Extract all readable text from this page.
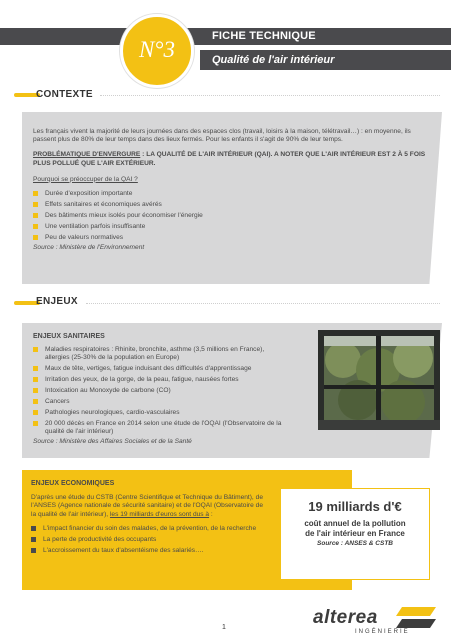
N°3
FICHE TECHNIQUE
Qualité de l'air intérieur
CONTEXTE
Les français vivent la majorité de leurs journées dans des espaces clos (travail, loisirs à la maison, télétravail…) : en moyenne, ils passent plus de 80% de leur temps dans des lieux fermés. Pour les enfants il s'agit de 90% de leur temps.
PROBLÉMATIQUE D'ENVERGURE : LA QUALITÉ DE L'AIR INTÉRIEUR (QAI). A NOTER QUE L'AIR INTÉRIEUR EST 2 À 5 FOIS PLUS POLLUÉ QUE L'AIR EXTÉRIEUR.
Pourquoi se préoccuper de la QAI ?
Durée d'exposition importante
Effets sanitaires et économiques avérés
Des bâtiments mieux isolés pour économiser l'énergie
Une ventilation parfois insuffisante
Peu de valeurs normatives
Source : Ministère de l'Environnement
ENJEUX
ENJEUX SANITAIRES
Maladies respiratoires : Rhinite, bronchite, asthme (3,5 millions en France), allergies (25-30% de la population en Europe)
Maux de tête, vertiges, fatigue induisant des difficultés d'apprentissage
Irritation des yeux, de la gorge, de la peau, fatigue, nausées fortes
Intoxication au Monoxyde de carbone (CO)
Cancers
Pathologies neurologiques, cardio-vasculaires
20 000 décès en France en 2014 selon une étude de l'OQAI (l'Observatoire de la qualité de l'air intérieur)
Source : Ministère des Affaires Sociales et de la Santé
ENJEUX ECONOMIQUES
D'après une étude du CSTB (Centre Scientifique et Technique du Bâtiment), de l'ANSES (Agence nationale de sécurité sanitaire) et de l'OQAI (Observatoire de la qualité de l'air intérieur), les 19 milliards d'euros sont dus à :
L'impact financier du soin des malades, de la prévention, de la recherche
La perte de productivité des occupants
L'accroissement du taux d'absentéisme des salariés….
19 milliards d'€
coût annuel de la pollution de l'air intérieur en France
Source : ANSES & CSTB
1	alterea
INGÉNIERIE
